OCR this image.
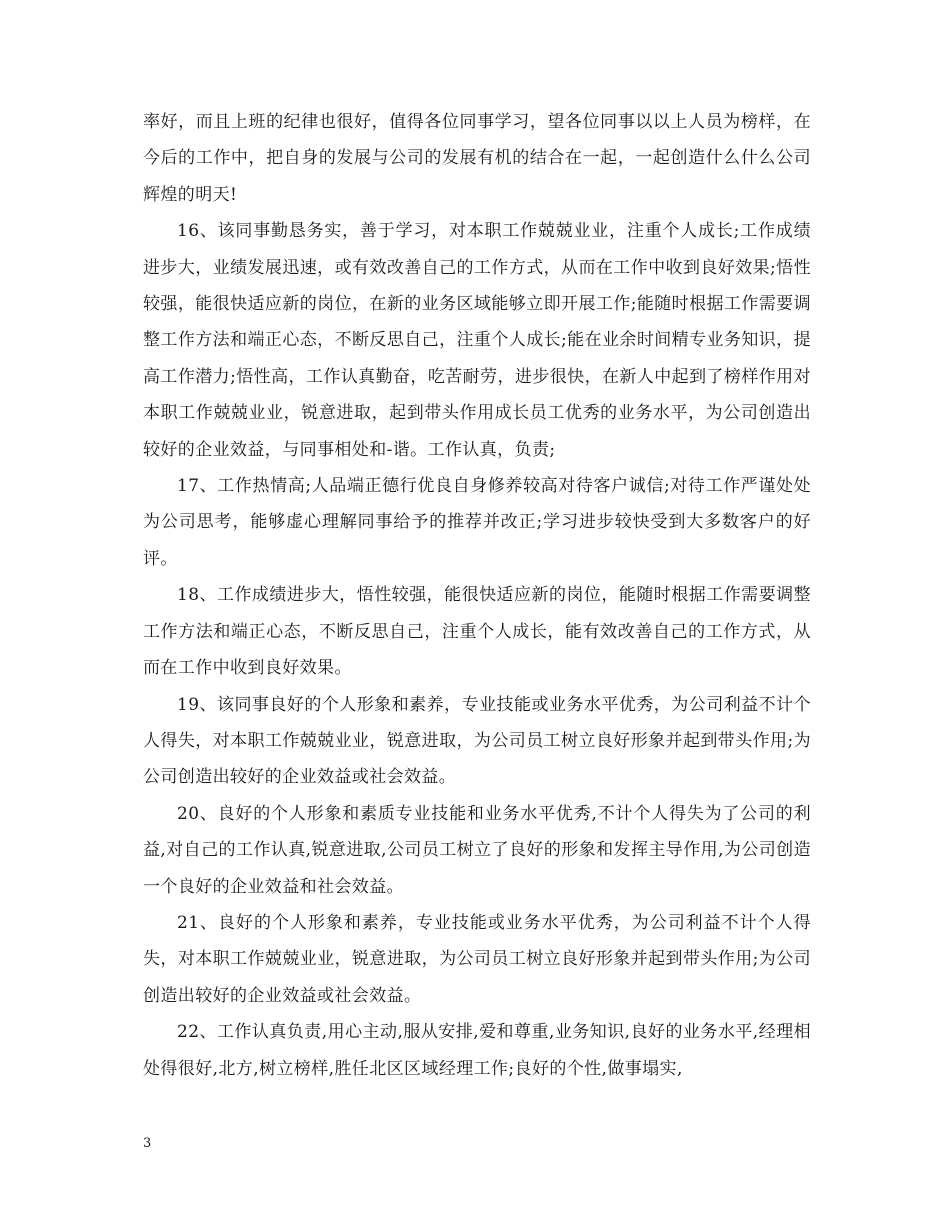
率好，而且上班的纪律也很好，值得各位同事学习，望各位同事以以上人员为榜样，在今后的工作中，把自身的发展与公司的发展有机的结合在一起，一起创造什么什么公司辉煌的明天!

16、该同事勤恳务实，善于学习，对本职工作兢兢业业，注重个人成长;工作成绩进步大，业绩发展迅速，或有效改善自己的工作方式，从而在工作中收到良好效果;悟性较强，能很快适应新的岗位，在新的业务区域能够立即开展工作;能随时根据工作需要调整工作方法和端正心态，不断反思自己，注重个人成长;能在业余时间精专业务知识，提高工作潜力;悟性高，工作认真勤奋，吃苦耐劳，进步很快，在新人中起到了榜样作用对本职工作兢兢业业，锐意进取，起到带头作用成长员工优秀的业务水平，为公司创造出较好的企业效益，与同事相处和-谐。工作认真，负责;

17、工作热情高;人品端正德行优良自身修养较高对待客户诚信;对待工作严谨处处为公司思考，能够虚心理解同事给予的推荐并改正;学习进步较快受到大多数客户的好评。

18、工作成绩进步大，悟性较强，能很快适应新的岗位，能随时根据工作需要调整工作方法和端正心态，不断反思自己，注重个人成长，能有效改善自己的工作方式，从而在工作中收到良好效果。

19、该同事良好的个人形象和素养，专业技能或业务水平优秀，为公司利益不计个人得失，对本职工作兢兢业业，锐意进取，为公司员工树立良好形象并起到带头作用;为公司创造出较好的企业效益或社会效益。

20、良好的个人形象和素质专业技能和业务水平优秀,不计个人得失为了公司的利益,对自己的工作认真,锐意进取,公司员工树立了良好的形象和发挥主导作用,为公司创造一个良好的企业效益和社会效益。

21、良好的个人形象和素养，专业技能或业务水平优秀，为公司利益不计个人得失，对本职工作兢兢业业，锐意进取，为公司员工树立良好形象并起到带头作用;为公司创造出较好的企业效益或社会效益。

22、工作认真负责,用心主动,服从安排,爱和尊重,业务知识,良好的业务水平,经理相处得很好,北方,树立榜样,胜任北区区域经理工作;良好的个性,做事塌实,

3
